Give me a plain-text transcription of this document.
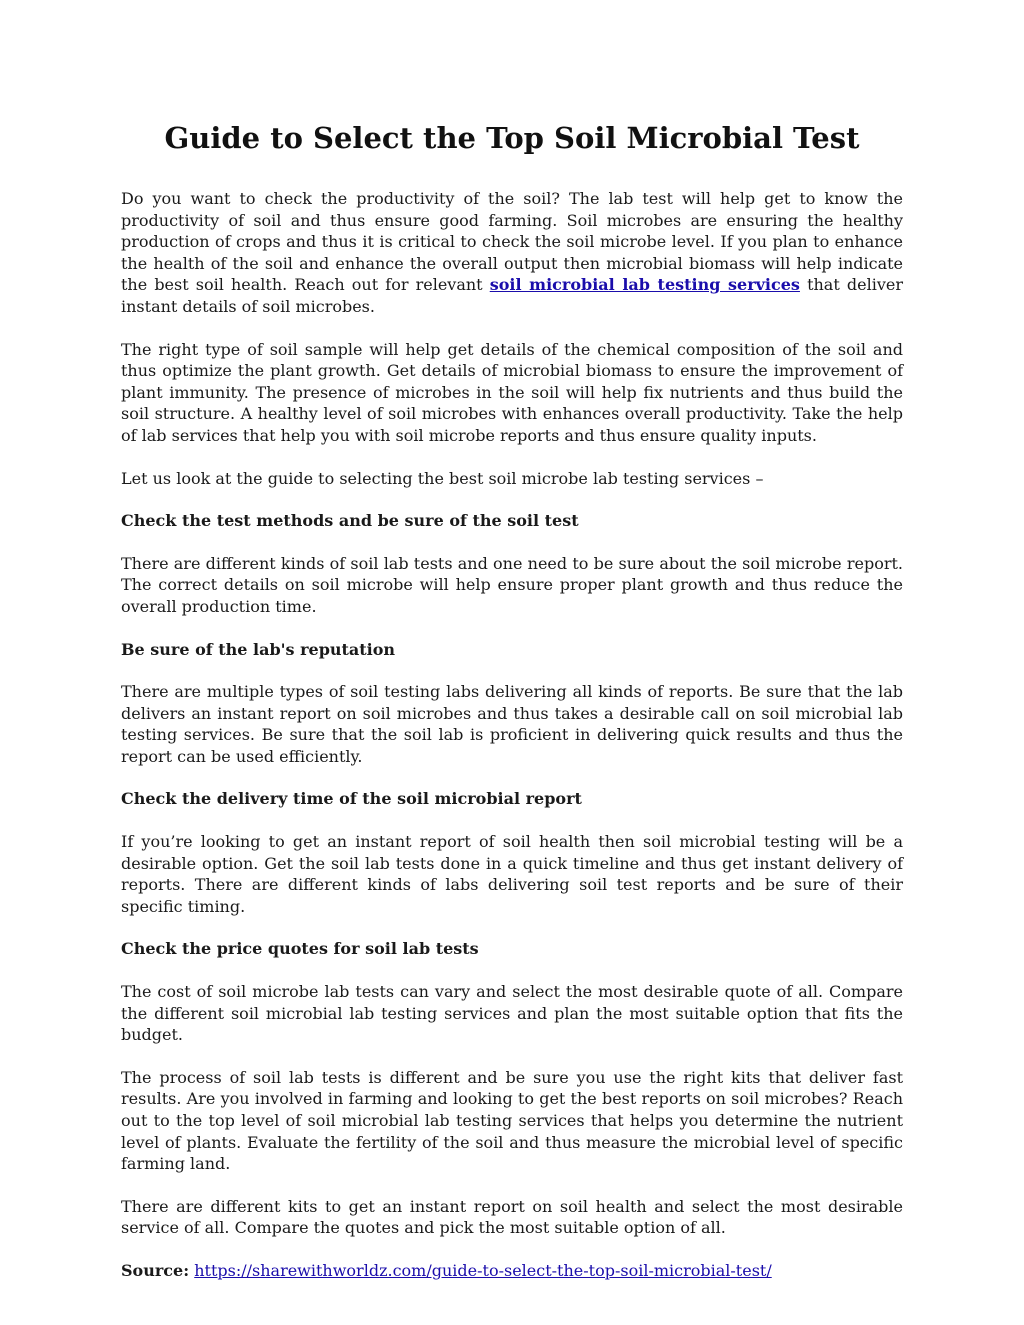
Guide to Select the Top Soil Microbial Test

Do you want to check the productivity of the soil? The lab test will help get to know the productivity of soil and thus ensure good farming. Soil microbes are ensuring the healthy production of crops and thus it is critical to check the soil microbe level. If you plan to enhance the health of the soil and enhance the overall output then microbial biomass will help indicate the best soil health. Reach out for relevant soil microbial lab testing services that deliver instant details of soil microbes.

The right type of soil sample will help get details of the chemical composition of the soil and thus optimize the plant growth. Get details of microbial biomass to ensure the improvement of plant immunity. The presence of microbes in the soil will help fix nutrients and thus build the soil structure. A healthy level of soil microbes with enhances overall productivity. Take the help of lab services that help you with soil microbe reports and thus ensure quality inputs.

Let us look at the guide to selecting the best soil microbe lab testing services –

Check the test methods and be sure of the soil test

There are different kinds of soil lab tests and one need to be sure about the soil microbe report. The correct details on soil microbe will help ensure proper plant growth and thus reduce the overall production time.

Be sure of the lab's reputation

There are multiple types of soil testing labs delivering all kinds of reports. Be sure that the lab delivers an instant report on soil microbes and thus takes a desirable call on soil microbial lab testing services. Be sure that the soil lab is proficient in delivering quick results and thus the report can be used efficiently.

Check the delivery time of the soil microbial report

If you’re looking to get an instant report of soil health then soil microbial testing will be a desirable option. Get the soil lab tests done in a quick timeline and thus get instant delivery of reports. There are different kinds of labs delivering soil test reports and be sure of their specific timing.

Check the price quotes for soil lab tests

The cost of soil microbe lab tests can vary and select the most desirable quote of all. Compare the different soil microbial lab testing services and plan the most suitable option that fits the budget.

The process of soil lab tests is different and be sure you use the right kits that deliver fast results. Are you involved in farming and looking to get the best reports on soil microbes? Reach out to the top level of soil microbial lab testing services that helps you determine the nutrient level of plants. Evaluate the fertility of the soil and thus measure the microbial level of specific farming land.

There are different kits to get an instant report on soil health and select the most desirable service of all. Compare the quotes and pick the most suitable option of all.

Source: https://sharewithworldz.com/guide-to-select-the-top-soil-microbial-test/
